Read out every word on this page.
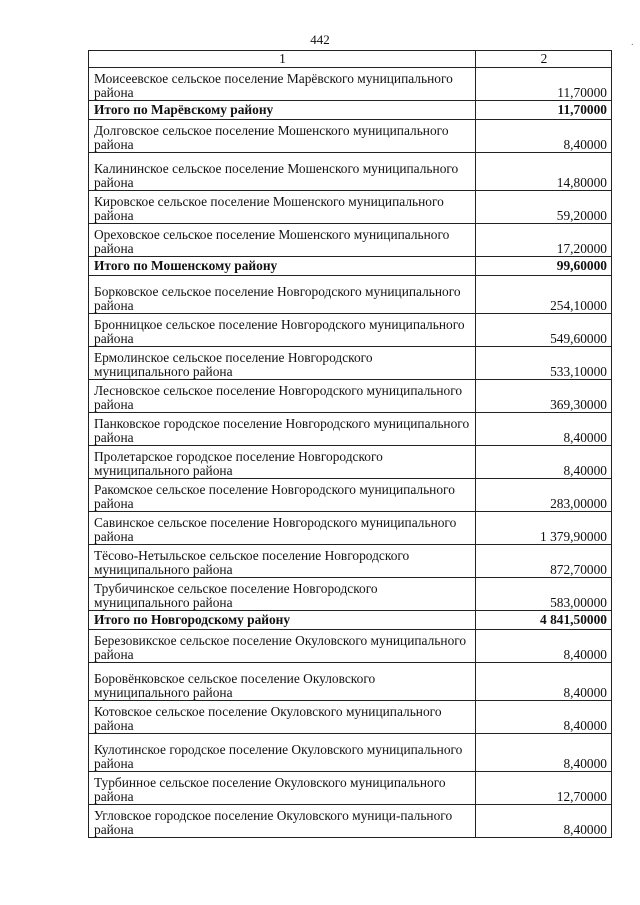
442
1	2
Моисеевское сельское поселение Марёвского муниципального района	11,70000
Итого по Марёвскому району	11,70000
Долговское сельское поселение Мошенского муниципального района	8,40000
Калининское сельское поселение Мошенского муниципального района	14,80000
Кировское сельское поселение Мошенского муниципального района	59,20000
Ореховское сельское поселение Мошенского муниципального района	17,20000
Итого по Мошенскому району	99,60000
Борковское сельское поселение Новгородского муниципального района	254,10000
Бронницкое сельское поселение Новгородского муниципального района	549,60000
Ермолинское сельское поселение Новгородского муниципального района	533,10000
Лесновское сельское поселение Новгородского муниципального района	369,30000
Панковское городское поселение Новгородского муниципального района	8,40000
Пролетарское городское поселение Новгородского муниципального района	8,40000
Ракомское сельское поселение Новгородского муниципального района	283,00000
Савинское сельское поселение Новгородского муниципального района	1 379,90000
Тёсово-Нетыльское сельское поселение Новгородского муниципального района	872,70000
Трубичинское сельское поселение Новгородского муниципального района	583,00000
Итого по Новгородскому району	4 841,50000
Березовикское сельское поселение Окуловского муниципального района	8,40000
Боровёнковское сельское поселение Окуловского муниципального района	8,40000
Котовское сельское поселение Окуловского муниципального района	8,40000
Кулотинское городское поселение Окуловского муниципального района	8,40000
Турбинное сельское поселение Окуловского муниципального района	12,70000
Угловское городское поселение Окуловского муници-пального района	8,40000
·
